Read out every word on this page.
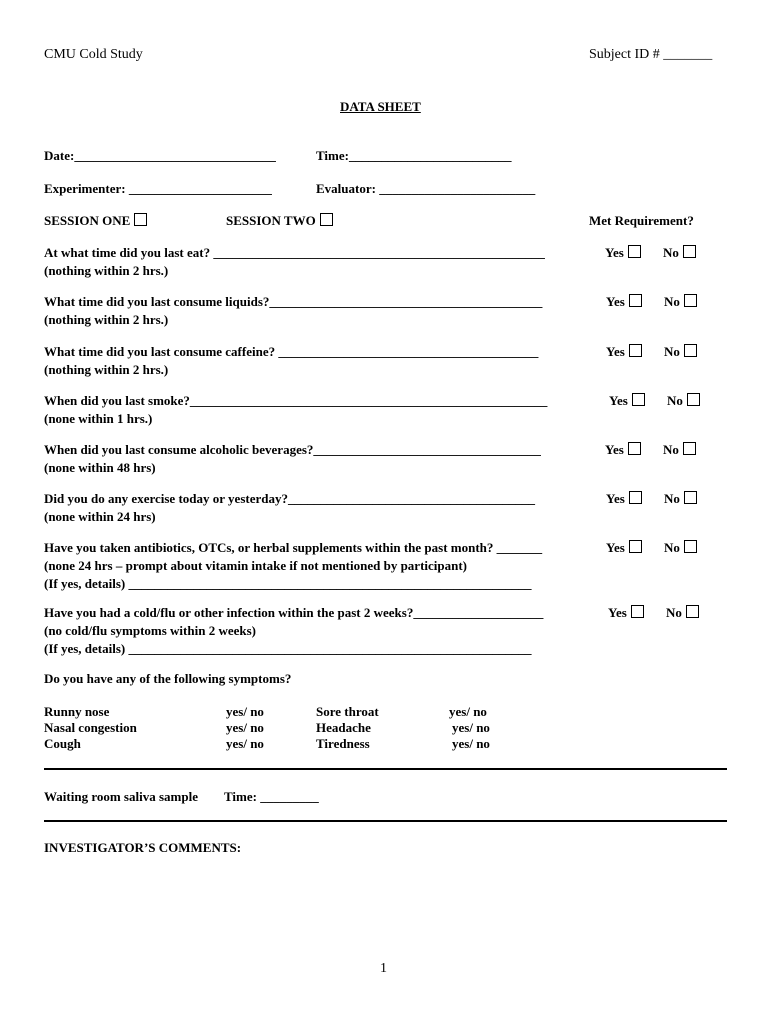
CMU Cold Study	Subject ID # _______
DATA SHEET
Date:_______________________________	Time:_________________________
Experimenter: ______________________	Evaluator: ________________________
SESSION ONE	SESSION TWO	Met Requirement?
At what time did you last eat? ___________________________________________________
(nothing within 2 hrs.)
Yes	No
What time did you last consume liquids?__________________________________________
(nothing within 2 hrs.)
Yes	No
What time did you last consume caffeine? ________________________________________
(nothing within 2 hrs.)
Yes	No
When did you last smoke?_______________________________________________________
(none within 1 hrs.)
Yes	No
When did you last consume alcoholic beverages?___________________________________
(none within 48 hrs)
Yes	No
Did you do any exercise today or yesterday?______________________________________
(none within 24 hrs)
Yes	No
Have you taken antibiotics, OTCs, or herbal supplements within the past month? _______
(none 24 hrs – prompt about vitamin intake if not mentioned by participant)
(If yes, details) ______________________________________________________________
Yes	No
Have you had a cold/flu or other infection within the past 2 weeks?____________________
(no cold/flu symptoms within 2 weeks)
(If yes, details) ______________________________________________________________
Yes	No
Do you have any of the following symptoms?
Runny nose	yes/ no	Sore throat	yes/ no
Nasal congestion	yes/ no	Headache	yes/ no
Cough	yes/ no	Tiredness	yes/ no
Waiting room saliva sample Time: _________
INVESTIGATOR’S COMMENTS:
1
